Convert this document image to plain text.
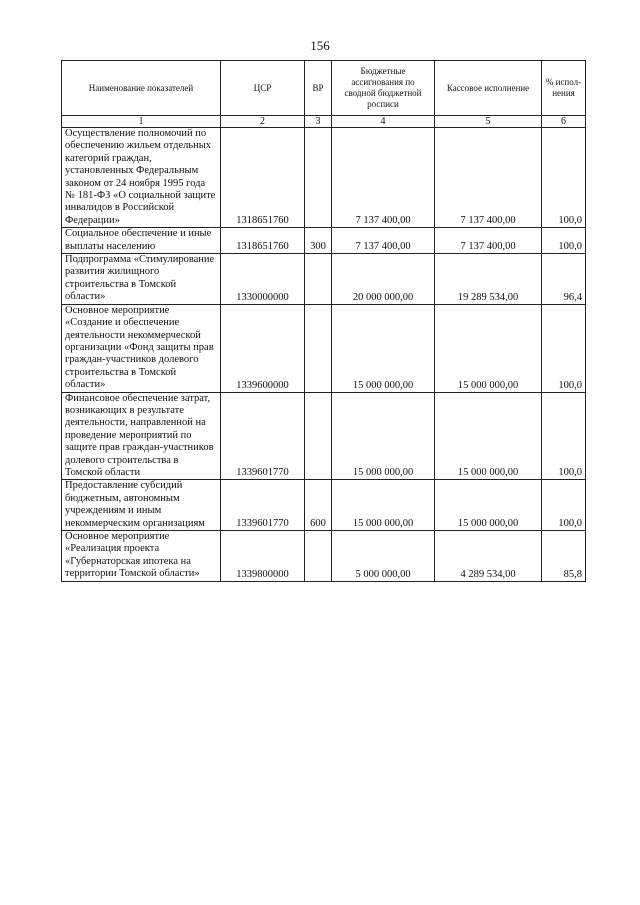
156
Наименование показателей	ЦСР	ВР	Бюджетные ассигнования по сводной бюджетной росписи	Кассовое исполнение	% испол-нения
1	2	3	4	5	6
Осуществление полномочий по обеспечению жильем отдельных категорий граждан, установленных Федеральным законом от 24 ноября 1995 года № 181-ФЗ «О социальной защите инвалидов в Российской Федерации»	1318651760		7 137 400,00	7 137 400,00	100,0
Социальное обеспечение и иные выплаты населению	1318651760	300	7 137 400,00	7 137 400,00	100,0
Подпрограмма «Стимулирование развития жилищного строительства в Томской области»	1330000000		20 000 000,00	19 289 534,00	96,4
Основное мероприятие «Создание и обеспечение деятельности некоммерческой организации «Фонд защиты прав граждан-участников долевого строительства в Томской области»	1339600000		15 000 000,00	15 000 000,00	100,0
Финансовое обеспечение затрат, возникающих в результате деятельности, направленной на проведение мероприятий по защите прав граждан-участников долевого строительства в Томской области	1339601770		15 000 000,00	15 000 000,00	100,0
Предоставление субсидий бюджетным, автономным учреждениям и иным некоммерческим организациям	1339601770	600	15 000 000,00	15 000 000,00	100,0
Основное мероприятие «Реализация проекта «Губернаторская ипотека на территории Томской области»	1339800000		5 000 000,00	4 289 534,00	85,8
